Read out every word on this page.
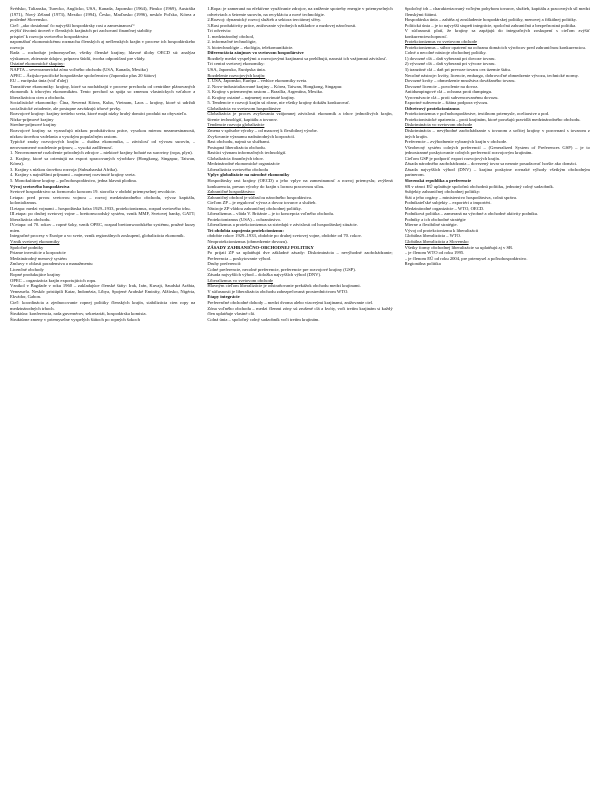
Švédsko, Talianska, Turecko, Anglicko, USA, Kanada, Japonsko (1964), Fínsko (1969), Austrália (1971), Nový Zéland (1973), Mexiko (1994), Česko, Maďarsko (1996), neskôr Poľsko, Kórea a posledné Slovensko.

Cieľ: „ako dosiahnuť čo najvyšší hospodársky rast a zamestnanosť“

zvýšiť životnú úroveň v členských krajinách pri zachovaní finančnej stability

prispieť k rozvoju svetového hospodárstva

napomáhať ekonomickému rozmachu členských aj nečlenských krajín v procese ich hospodárskeho rozvoja

Rada – rozhoduje jednomyseľne, všetky členské krajiny; hlavné úlohy OECD sú: analýza výskumov, zbieranie údajov, príprava štúdií, tvorba odporúčaní pre vlády.

Ostatné ekonomické skupiny:

NAFTA – severoamerická zóna voľného obchodu (USA, Kanada, Mexiko)

APEC – Ázijsko-pacifické hospodárske spoločenstvo (Japonsko plus 20 štátov)

EU – európska únia (viď ďalej)

Tranzitívne ekonomiky: krajiny, ktoré sa nachádzajú v procese prechodu od centrálne plánovaných ekonomík k trhovým ekonomikám. Tento prechod sa spája so zmenou vlastníckych vzťahov a liberalizáciou cien a obchodu.

Socialistické ekonomiky: Čína, Severná Kórea, Kuba, Vietnam, Laos – krajiny, ktoré si udržali socialistické zriadenie, ale postupne zavádzajú trhové prvky.

Rozvojové krajiny: krajiny tretieho sveta, ktoré majú nízky hrubý domáci produkt na obyvateľa.

Nízko-príjmové krajiny

Stredne-príjmové krajiny

Rozvojové krajiny sa vyznačujú nízkou produktivitou práce, vysokou mierou nezamestnanosti, nízkou úrovňou vzdelania a vysokým populačným rastom.

Typické znaky rozvojových krajín: – duálna ekonomika, – závislosť od vývozu surovín, – nerovnomerné rozdelenie príjmov, – vysoká zadlženosť.

1. Nerovnomerné rozloženie prírodných zdrojov – niektoré krajiny bohaté na suroviny (ropa, plyn).

2. Krajiny, ktoré sa orientujú na export spracovaných výrobkov (Hongkong, Singapur, Taiwan, Kórea).

3. Krajiny s nízkou úrovňou rozvoja (Subsaharská Afrika).

4. Krajiny s najnižšími príjmami – najmenej rozvinuté krajiny sveta.

5. Monokultúrne krajiny – poľnohospodárstvo, jedna hlavná plodina.

Vývoj svetového hospodárstva

Svetové hospodárstvo sa formovalo koncom 19. storočia v období priemyselnej revolúcie.

I.etapa: pred prvou svetovou vojnou – rozvoj medzinárodného obchodu, vývoz kapitálu, kolonializmus.

II.etapa: medzi vojnami – hospodárska kríza 1929–1933, protekcionizmus, rozpad svetového trhu.

III.etapa: po druhej svetovej vojne – brettonwoodský systém, vznik MMF, Svetovej banky, GATT; liberalizácia obchodu.

IV.etapa: od 70. rokov – ropné šoky, vznik OPEC, rozpad brettonwoodského systému, pružné kurzy mien.

Integračné procesy v Európe a vo svete, vznik regionálnych zoskupení, globalizácia ekonomík.

Vznik svetovej ekonomiky

Spoločné podniky

Priame investície a korporácie

Medzinárodný menový systém

Zmluvy v oblasti poradenstva a manažmentu

Licenčné obchody

Ropné produkujúce krajiny

OPEC – organizácia krajín exportujúcich ropu.

Vznikol v Bagdade v roku 1960 – zakladajúce členské štáty: Irak, Irán, Kuvajt, Saudská Arábia, Venezuela. Neskôr pristúpili Katar, Indonézia, Líbya, Spojené Arabské Emiráty, Alžírsko, Nigéria, Ekvádor, Gabon.

Cieľ: koordinácia a zjednocovanie ropnej politiky členských krajín, stabilizácia cien ropy na medzinárodných trhoch.

Štruktúra: konferencia, rada guvernérov, sekretariát, hospodárska komisia.

Štruktúrne zmeny v priemyselne vyspelých štátoch po ropných šokoch

1.Ropa: je zameraná na efektívne využívanie zdrojov, na zníženie spotreby energie v priemyselných odvetviach a šetrenie surovín, na recykláciu a nové technológie.

2.Rozvoj: dynamický rozvoj služieb a sektora terciárnej sféry.

3.Rast produktivity práce, znižovanie výrobných nákladov a mzdovej náročnosti.

Tri odvetvia:

1. medzinárodný obchod,

2. informačné technológie,

3. biotechnológie – ekológia, telekomunikácie.

Diferenciácia záujmov vo svetovom hospodárstve

Rozdiely medzi vyspelými a rozvojovými krajinami sa prehlbujú, narastá ich vzájomná závislosť.

Tri centrá svetovej ekonomiky:

USA, Japonsko, Európska únia.

Rozdelenie rozvojových krajín:

1. USA, Japonsko, Európa – vedúce ekonomiky sveta.

2. Novo-industrializované krajiny – Kórea, Taiwan, Hongkong, Singapur.

3. Krajiny s priemerným rastom – Brazília, Argentína, Mexiko.

4. Krajiny ostatné – najmenej rozvinuté krajiny.

5. Tendencie v rozvoji krajín sú rôzne, nie všetky krajiny dokážu konkurovať.

Globalizácia vo svetovom hospodárstve

Globalizácia je proces zvyšovania vzájomnej závislosti ekonomík a trhov jednotlivých krajín, šírenie technológií, kapitálu a tovarov.

Tendencie rozvoja globalizácie

Zmena v spôsobe výroby – od masovej k flexibilnej výrobe.

Zvyšovanie významu nadnárodných korporácií.

Rast obchodu, najmä so službami.

Postupná liberalizácia obchodu.

Rastúci význam informačných technológií.

Globalizácia finančných trhov.

Medzinárodné ekonomické organizácie

Liberalizácia svetového obchodu

Vplyv globalizácie na národné ekonomiky

Hospodársky rast krajiny (OECD) a jeho vplyv na zamestnanosť a rozvoj priemyslu; zvýšená konkurencia, presun výroby do krajín s lacnou pracovnou silou.

Zahraničné hospodárstvo:

Zahraničný obchod je súčasťou národného hospodárstva.

Cieľom ZP – je regulovať vývoz a dovoz tovarov a služieb.

Nástroje ZP vládou zahraničnej obchodnej politiky.

Liberalizmus – vláda V. Británie – je to koncepcia voľného obchodu.

Protekcionizmus (USA) – ochranárstvo.

Liberalizmus a protekcionizmus sa striedajú v závislosti od hospodárskej situácie.

Tri obdobia zapojenia protekcionizmu:

obdobie rokov 1929–1933, obdobie po druhej svetovej vojne, obdobie od 70. rokov.

Neoprotekcionizmus (obmedzenie dovozu).

ZÁSADY ZAHRANIČNO-OBCHODNEJ POLITIKY

Po prijatí ZP sa uplatňujú dve základné zásady: Diskriminácia – nevýhodné zaobchádzanie; Preferencia – poskytovanie výhod.

Druhy preferencií:

Colné preferencie, necolné preferencie, preferencie pre rozvojové krajiny (GSP).

Zásada najvyšších výhod – doložka najvyšších výhod (DNV).

Liberalizmus vo svetovom obchode

Hlavným cieľom liberalizácie je odstraňovanie prekážok obchodu medzi krajinami.

V súčasnosti je liberalizácia obchodu zabezpečovaná prostredníctvom WTO.

Etapy integrácie

Preferenčné obchodné dohody – medzi dvoma alebo viacerými krajinami, znižovanie ciel.

Zóna voľného obchodu – medzi členmi zóny sú zrušené clá a kvóty, voči tretím krajinám si každý člen uplatňuje vlastné clá.

Colná únia – spoločný colný sadzobník voči tretím krajinám.

Spoločný trh – charakterizovaný voľným pohybom tovarov, služieb, kapitálu a pracovných síl medzi členskými štátmi.

Hospodárska únia – zahŕňa aj zosúladenie hospodárskej politiky, menovej a fiškálnej politiky.

Politická únia – je to najvyšší stupeň integrácie, spoločná zahraničná a bezpečnostná politika.

V súčasnosti platí, že krajiny sa zapájajú do integračných zoskupení s cieľom zvýšiť konkurencieschopnosť.

Protekcionizmus vo svetovom obchode

Protekcionizmus – súbor opatrení na ochranu domácich výrobcov pred zahraničnou konkurenciou.

Colné a necolné nástroje obchodnej politiky.

1) dovozné clá – daň vyberaná pri dovoze tovaru.

2) vývozné clá – daň vyberaná pri vývoze tovaru.

3) tranzitné clá – daň pri prevoze tovaru cez územie štátu.

Necolné nástroje: kvóty, licencie, embargo, dobrovoľné obmedzenie vývozu, technické normy.

Dovozné kvóty – obmedzenie množstva dovážaného tovaru.

Dovozné licencie – povolenie na dovoz.

Antidumpingové clá – ochrana proti dumpingu.

Vyrovnávacie clá – proti subvencovanému dovozu.

Exportné subvencie – štátna podpora vývozu.

Odvetvový protekcionizmus

Protekcionizmus v poľnohospodárstve, textilnom priemysle, oceliarstve a pod.

Protekcionistické opatrenia – proti krajinám, ktoré porušujú pravidlá medzinárodného obchodu.

Diskriminácia vo svetovom obchode

Diskriminácia – nevýhodné zaobchádzanie s tovarom z určitej krajiny v porovnaní s tovarom z iných krajín.

Preferencie – zvýhodnenie vybraných krajín v obchode.

Všeobecný systém colných preferencií – (Generalized System of Preferences GSP) – je to jednostranné poskytovanie colných preferencií rozvojovým krajinám.

Cieľom GSP je podporiť export rozvojových krajín.

Zásada národného zaobchádzania – dovezený tovar sa nesmie posudzovať horšie ako domáci.

Zásada najvyšších výhod (DNV) – krajina poskytne rovnaké výhody všetkým obchodným partnerom.

Slovenská republika a preferencie

SR v rámci EÚ uplatňuje spoločnú obchodnú politiku, jednotný colný sadzobník.

Subjekty zahraničnej obchodnej politiky:

Štát a jeho orgány – ministerstvo hospodárstva, colná správa.

Podnikateľské subjekty – exportéri a importéri.

Medzinárodné organizácie – WTO, OECD.

Podniková politika – zameraná na výrobné a obchodné aktivity podniku.

Podniky a ich obchodné stratégie

Mierne a flexibilné stratégie.

Vývoj od protekcionizmu k liberalizácii

Globálna liberalizácia – WTO.

Globálna liberalizácia a Slovensko

Všetky formy obchodnej liberalizácie sa uplatňujú aj v SR.

– je členom WTO od roku 1995.

– je členom EÚ od roku 2004, pre priemysel a poľnohospodárstvo.

Regionálna politika
